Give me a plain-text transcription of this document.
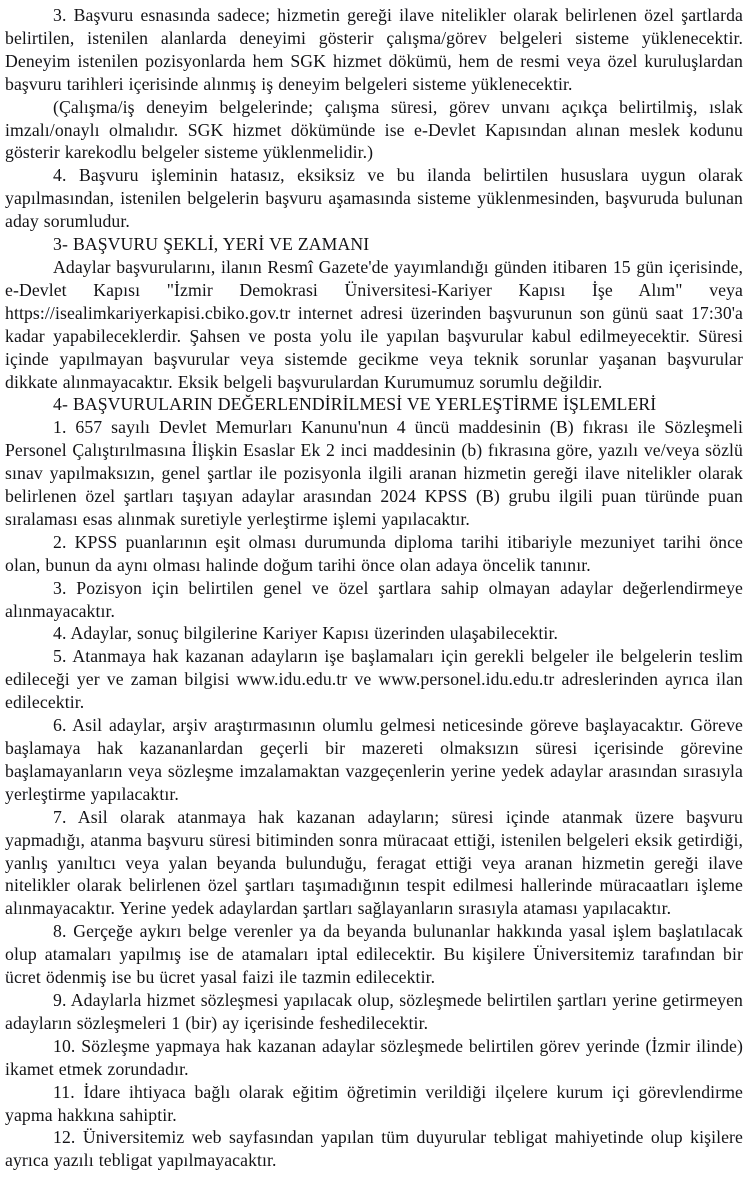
3. Başvuru esnasında sadece; hizmetin gereği ilave nitelikler olarak belirlenen özel şartlarda belirtilen, istenilen alanlarda deneyimi gösterir çalışma/görev belgeleri sisteme yüklenecektir. Deneyim istenilen pozisyonlarda hem SGK hizmet dökümü, hem de resmi veya özel kuruluşlardan başvuru tarihleri içerisinde alınmış iş deneyim belgeleri sisteme yüklenecektir.

(Çalışma/iş deneyim belgelerinde; çalışma süresi, görev unvanı açıkça belirtilmiş, ıslak imzalı/onaylı olmalıdır. SGK hizmet dökümünde ise e-Devlet Kapısından alınan meslek kodunu gösterir karekodlu belgeler sisteme yüklenmelidir.)

4. Başvuru işleminin hatasız, eksiksiz ve bu ilanda belirtilen hususlara uygun olarak yapılmasından, istenilen belgelerin başvuru aşamasında sisteme yüklenmesinden, başvuruda bulunan aday sorumludur.

3- BAŞVURU ŞEKLİ, YERİ VE ZAMANI

Adaylar başvurularını, ilanın Resmî Gazete'de yayımlandığı günden itibaren 15 gün içerisinde, e-Devlet Kapısı "İzmir Demokrasi Üniversitesi-Kariyer Kapısı İşe Alım" veya https://isealimkariyerkapisi.cbiko.gov.tr internet adresi üzerinden başvurunun son günü saat 17:30'a kadar yapabileceklerdir. Şahsen ve posta yolu ile yapılan başvurular kabul edilmeyecektir. Süresi içinde yapılmayan başvurular veya sistemde gecikme veya teknik sorunlar yaşanan başvurular dikkate alınmayacaktır. Eksik belgeli başvurulardan Kurumumuz sorumlu değildir.

4- BAŞVURULARIN DEĞERLENDİRİLMESİ VE YERLEŞTİRME İŞLEMLERİ

1. 657 sayılı Devlet Memurları Kanunu'nun 4 üncü maddesinin (B) fıkrası ile Sözleşmeli Personel Çalıştırılmasına İlişkin Esaslar Ek 2 inci maddesinin (b) fıkrasına göre, yazılı ve/veya sözlü sınav yapılmaksızın, genel şartlar ile pozisyonla ilgili aranan hizmetin gereği ilave nitelikler olarak belirlenen özel şartları taşıyan adaylar arasından 2024 KPSS (B) grubu ilgili puan türünde puan sıralaması esas alınmak suretiyle yerleştirme işlemi yapılacaktır.

2. KPSS puanlarının eşit olması durumunda diploma tarihi itibariyle mezuniyet tarihi önce olan, bunun da aynı olması halinde doğum tarihi önce olan adaya öncelik tanınır.

3. Pozisyon için belirtilen genel ve özel şartlara sahip olmayan adaylar değerlendirmeye alınmayacaktır.

4. Adaylar, sonuç bilgilerine Kariyer Kapısı üzerinden ulaşabilecektir.

5. Atanmaya hak kazanan adayların işe başlamaları için gerekli belgeler ile belgelerin teslim edileceği yer ve zaman bilgisi www.idu.edu.tr ve www.personel.idu.edu.tr adreslerinden ayrıca ilan edilecektir.

6. Asil adaylar, arşiv araştırmasının olumlu gelmesi neticesinde göreve başlayacaktır. Göreve başlamaya hak kazananlardan geçerli bir mazereti olmaksızın süresi içerisinde görevine başlamayanların veya sözleşme imzalamaktan vazgeçenlerin yerine yedek adaylar arasından sırasıyla yerleştirme yapılacaktır.

7. Asil olarak atanmaya hak kazanan adayların; süresi içinde atanmak üzere başvuru yapmadığı, atanma başvuru süresi bitiminden sonra müracaat ettiği, istenilen belgeleri eksik getirdiği, yanlış yanıltıcı veya yalan beyanda bulunduğu, feragat ettiği veya aranan hizmetin gereği ilave nitelikler olarak belirlenen özel şartları taşımadığının tespit edilmesi hallerinde müracaatları işleme alınmayacaktır. Yerine yedek adaylardan şartları sağlayanların sırasıyla ataması yapılacaktır.

8. Gerçeğe aykırı belge verenler ya da beyanda bulunanlar hakkında yasal işlem başlatılacak olup atamaları yapılmış ise de atamaları iptal edilecektir. Bu kişilere Üniversitemiz tarafından bir ücret ödenmiş ise bu ücret yasal faizi ile tazmin edilecektir.

9. Adaylarla hizmet sözleşmesi yapılacak olup, sözleşmede belirtilen şartları yerine getirmeyen adayların sözleşmeleri 1 (bir) ay içerisinde feshedilecektir.

10. Sözleşme yapmaya hak kazanan adaylar sözleşmede belirtilen görev yerinde (İzmir ilinde) ikamet etmek zorundadır.

11. İdare ihtiyaca bağlı olarak eğitim öğretimin verildiği ilçelere kurum içi görevlendirme yapma hakkına sahiptir.

12. Üniversitemiz web sayfasından yapılan tüm duyurular tebligat mahiyetinde olup kişilere ayrıca yazılı tebligat yapılmayacaktır.
